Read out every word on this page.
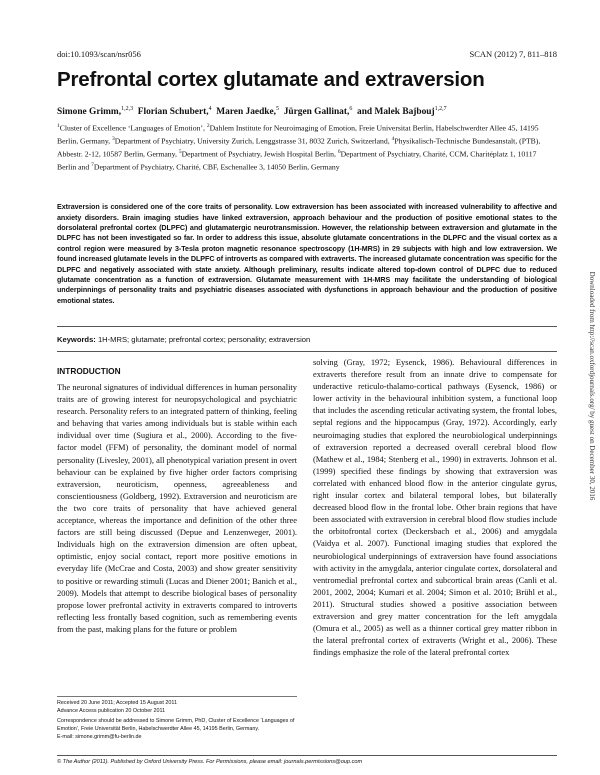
doi:10.1093/scan/nsr056	SCAN (2012) 7, 811–818
Prefrontal cortex glutamate and extraversion
Simone Grimm,$^{1,2,3}$ Florian Schubert,$^4$ Maren Jaedke,$^5$ Jürgen Gallinat,$^6$ and Malek Bajbouj$^{1,2,7}$
$^1$Cluster of Excellence ‘Languages of Emotion’, $^2$Dahlem Institute for Neuroimaging of Emotion, Freie Universitat Berlin, Habelschwerdter Allee 45, 14195 Berlin, Germany, $^3$Department of Psychiatry, University Zurich, Lenggstrasse 31, 8032 Zurich, Switzerland, $^4$Physikalisch-Technische Bundesanstalt, (PTB), Abbestr. 2-12, 10587 Berlin, Germany, $^5$Department of Psychiatry, Jewish Hospital Berlin, $^6$Department of Psychiatry, Charité, CCM, Charitéplatz 1, 10117 Berlin and $^7$Department of Psychiatry, Charité, CBF, Eschenallee 3, 14050 Berlin, Germany

Extraversion is considered one of the core traits of personality. Low extraversion has been associated with increased vulnerability to affective and anxiety disorders. Brain imaging studies have linked extraversion, approach behaviour and the production of positive emotional states to the dorsolateral prefrontal cortex (DLPFC) and glutamatergic neurotransmission. However, the relationship between extraversion and glutamate in the DLPFC has not been investigated so far. In order to address this issue, absolute glutamate concentrations in the DLPFC and the visual cortex as a control region were measured by 3-Tesla proton magnetic resonance spectroscopy (1H-MRS) in 29 subjects with high and low extraversion. We found increased glutamate levels in the DLPFC of introverts as compared with extraverts. The increased glutamate concentration was specific for the DLPFC and negatively associated with state anxiety. Although preliminary, results indicate altered top-down control of DLPFC due to reduced glutamate concentration as a function of extraversion. Glutamate measurement with 1H-MRS may facilitate the understanding of biological underpinnings of personality traits and psychiatric diseases associated with dysfunctions in approach behaviour and the production of positive emotional states.

Keywords: 1H-MRS; glutamate; prefrontal cortex; personality; extraversion
INTRODUCTION

The neuronal signatures of individual differences in human personality traits are of growing interest for neuropsychological and psychiatric research. Personality refers to an integrated pattern of thinking, feeling and behaving that varies among individuals but is stable within each individual over time (Sugiura et al., 2000). According to the five-factor model (FFM) of personality, the dominant model of normal personality (Livesley, 2001), all phenotypical variation present in overt behaviour can be explained by five higher order factors comprising extraversion, neuroticism, openness, agreeableness and conscientiousness (Goldberg, 1992). Extraversion and neuroticism are the two core traits of personality that have achieved general acceptance, whereas the importance and definition of the other three factors are still being discussed (Depue and Lenzenweger, 2001). Individuals high on the extraversion dimension are often upbeat, optimistic, enjoy social contact, report more positive emotions in everyday life (McCrae and Costa, 2003) and show greater sensitivity to positive or rewarding stimuli (Lucas and Diener 2001; Banich et al., 2009). Models that attempt to describe biological bases of personality propose lower prefrontal activity in extraverts compared to introverts reflecting less frontally based cognition, such as remembering events from the past, making plans for the future or problem

solving (Gray, 1972; Eysenck, 1986). Behavioural differences in extraverts therefore result from an innate drive to compensate for underactive reticulo-thalamo-cortical pathways (Eysenck, 1986) or lower activity in the behavioural inhibition system, a functional loop that includes the ascending reticular activating system, the frontal lobes, septal regions and the hippocampus (Gray, 1972). Accordingly, early neuroimaging studies that explored the neurobiological underpinnings of extraversion reported a decreased overall cerebral blood flow (Mathew et al., 1984; Stenberg et al., 1990) in extraverts. Johnson et al. (1999) specified these findings by showing that extraversion was correlated with enhanced blood flow in the anterior cingulate gyrus, right insular cortex and bilateral temporal lobes, but bilaterally decreased blood flow in the frontal lobe. Other brain regions that have been associated with extraversion in cerebral blood flow studies include the orbitofrontal cortex (Deckersbach et al., 2006) and amygdala (Vaidya et al. 2007). Functional imaging studies that explored the neurobiological underpinnings of extraversion have found associations with activity in the amygdala, anterior cingulate cortex, dorsolateral and ventromedial prefrontal cortex and subcortical brain areas (Canli et al. 2001, 2002, 2004; Kumari et al. 2004; Simon et al. 2010; Brühl et al., 2011). Structural studies showed a positive association between extraversion and grey matter concentration for the left amygdala (Omura et al., 2005) as well as a thinner cortical grey matter ribbon in the lateral prefrontal cortex of extraverts (Wright et al., 2006). These findings emphasize the role of the lateral prefrontal cortex

Received 20 June 2011; Accepted 15 August 2011
Advance Access publication 20 October 2011
Correspondence should be addressed to Simone Grimm, PhD, Cluster of Excellence ‘Languages of Emotion’, Freie Universität Berlin, Habelschwerdter Allee 45, 14195 Berlin, Germany.
E-mail: simone.grimm@fu-berlin.de
© The Author (2011). Published by Oxford University Press. For Permissions, please email: journals.permissions@oup.com
Downloaded from http://scan.oxfordjournals.org/ by guest on December 30, 2016
